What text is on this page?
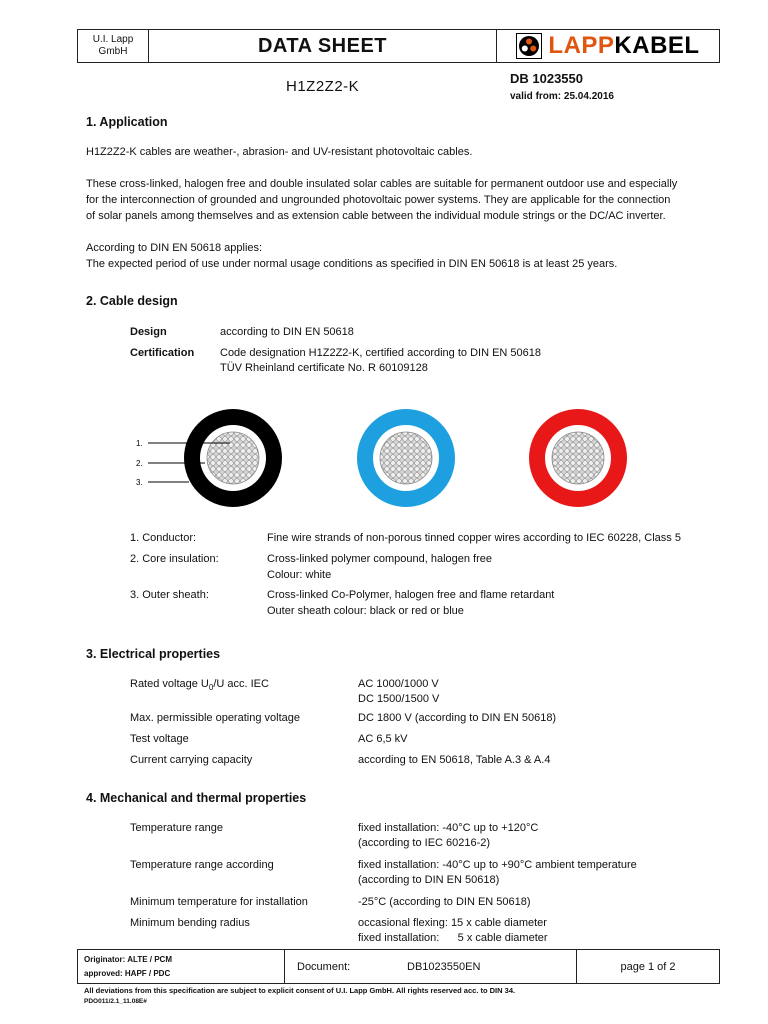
U.I. Lapp
GmbH	DATA SHEET	LAPPKABEL
H1Z2Z2-K	DB 1023550
valid from: 25.04.2016
1. Application
H1Z2Z2-K cables are weather-, abrasion- and UV-resistant photovoltaic cables.
These cross-linked, halogen free and double insulated solar cables are suitable for permanent outdoor use and especially
for the interconnection of grounded and ungrounded photovoltaic power systems. They are applicable for the connection
of solar panels among themselves and as extension cable between the individual module strings or the DC/AC inverter.
According to DIN EN 50618 applies:
The expected period of use under normal usage conditions as specified in DIN EN 50618 is at least 25 years.
2. Cable design
Design	according to DIN EN 50618
Certification Code designation H1Z2Z2-K, certified according to DIN EN 50618
TÜV Rheinland certificate No. R 60109128
1.
2.
3.
1. Conductor:	Fine wire strands of non-porous tinned copper wires according to IEC 60228, Class 5
2. Core insulation:	Cross-linked polymer compound, halogen free
Colour: white
3. Outer sheath:	Cross-linked Co-Polymer, halogen free and flame retardant
Outer sheath colour: black or red or blue
3. Electrical properties
Rated voltage $U_0/U$ acc. IEC	AC 1000/1000 V
DC 1500/1500 V
Max. permissible operating voltage	DC 1800 V (according to DIN EN 50618)
Test voltage	AC 6,5 kV
Current carrying capacity	according to EN 50618, Table A.3 & A.4
4. Mechanical and thermal properties
Temperature range	fixed installation: -40°C up to +120°C
(according to IEC 60216-2)
Temperature range according	fixed installation: -40°C up to +90°C ambient temperature
(according to DIN EN 50618)
Minimum temperature for installation	-25°C (according to DIN EN 50618)
Minimum bending radius	occasional flexing: 15 x cable diameter
fixed installation:      5 x cable diameter
Originator: ALTE / PCM
approved: HAPF / PDC
Document:	DB1023550EN	page 1 of 2
All deviations from this specification are subject to explicit consent of U.I. Lapp GmbH. All rights reserved acc. to DIN 34.
PDO011/2.1_11.08E#
